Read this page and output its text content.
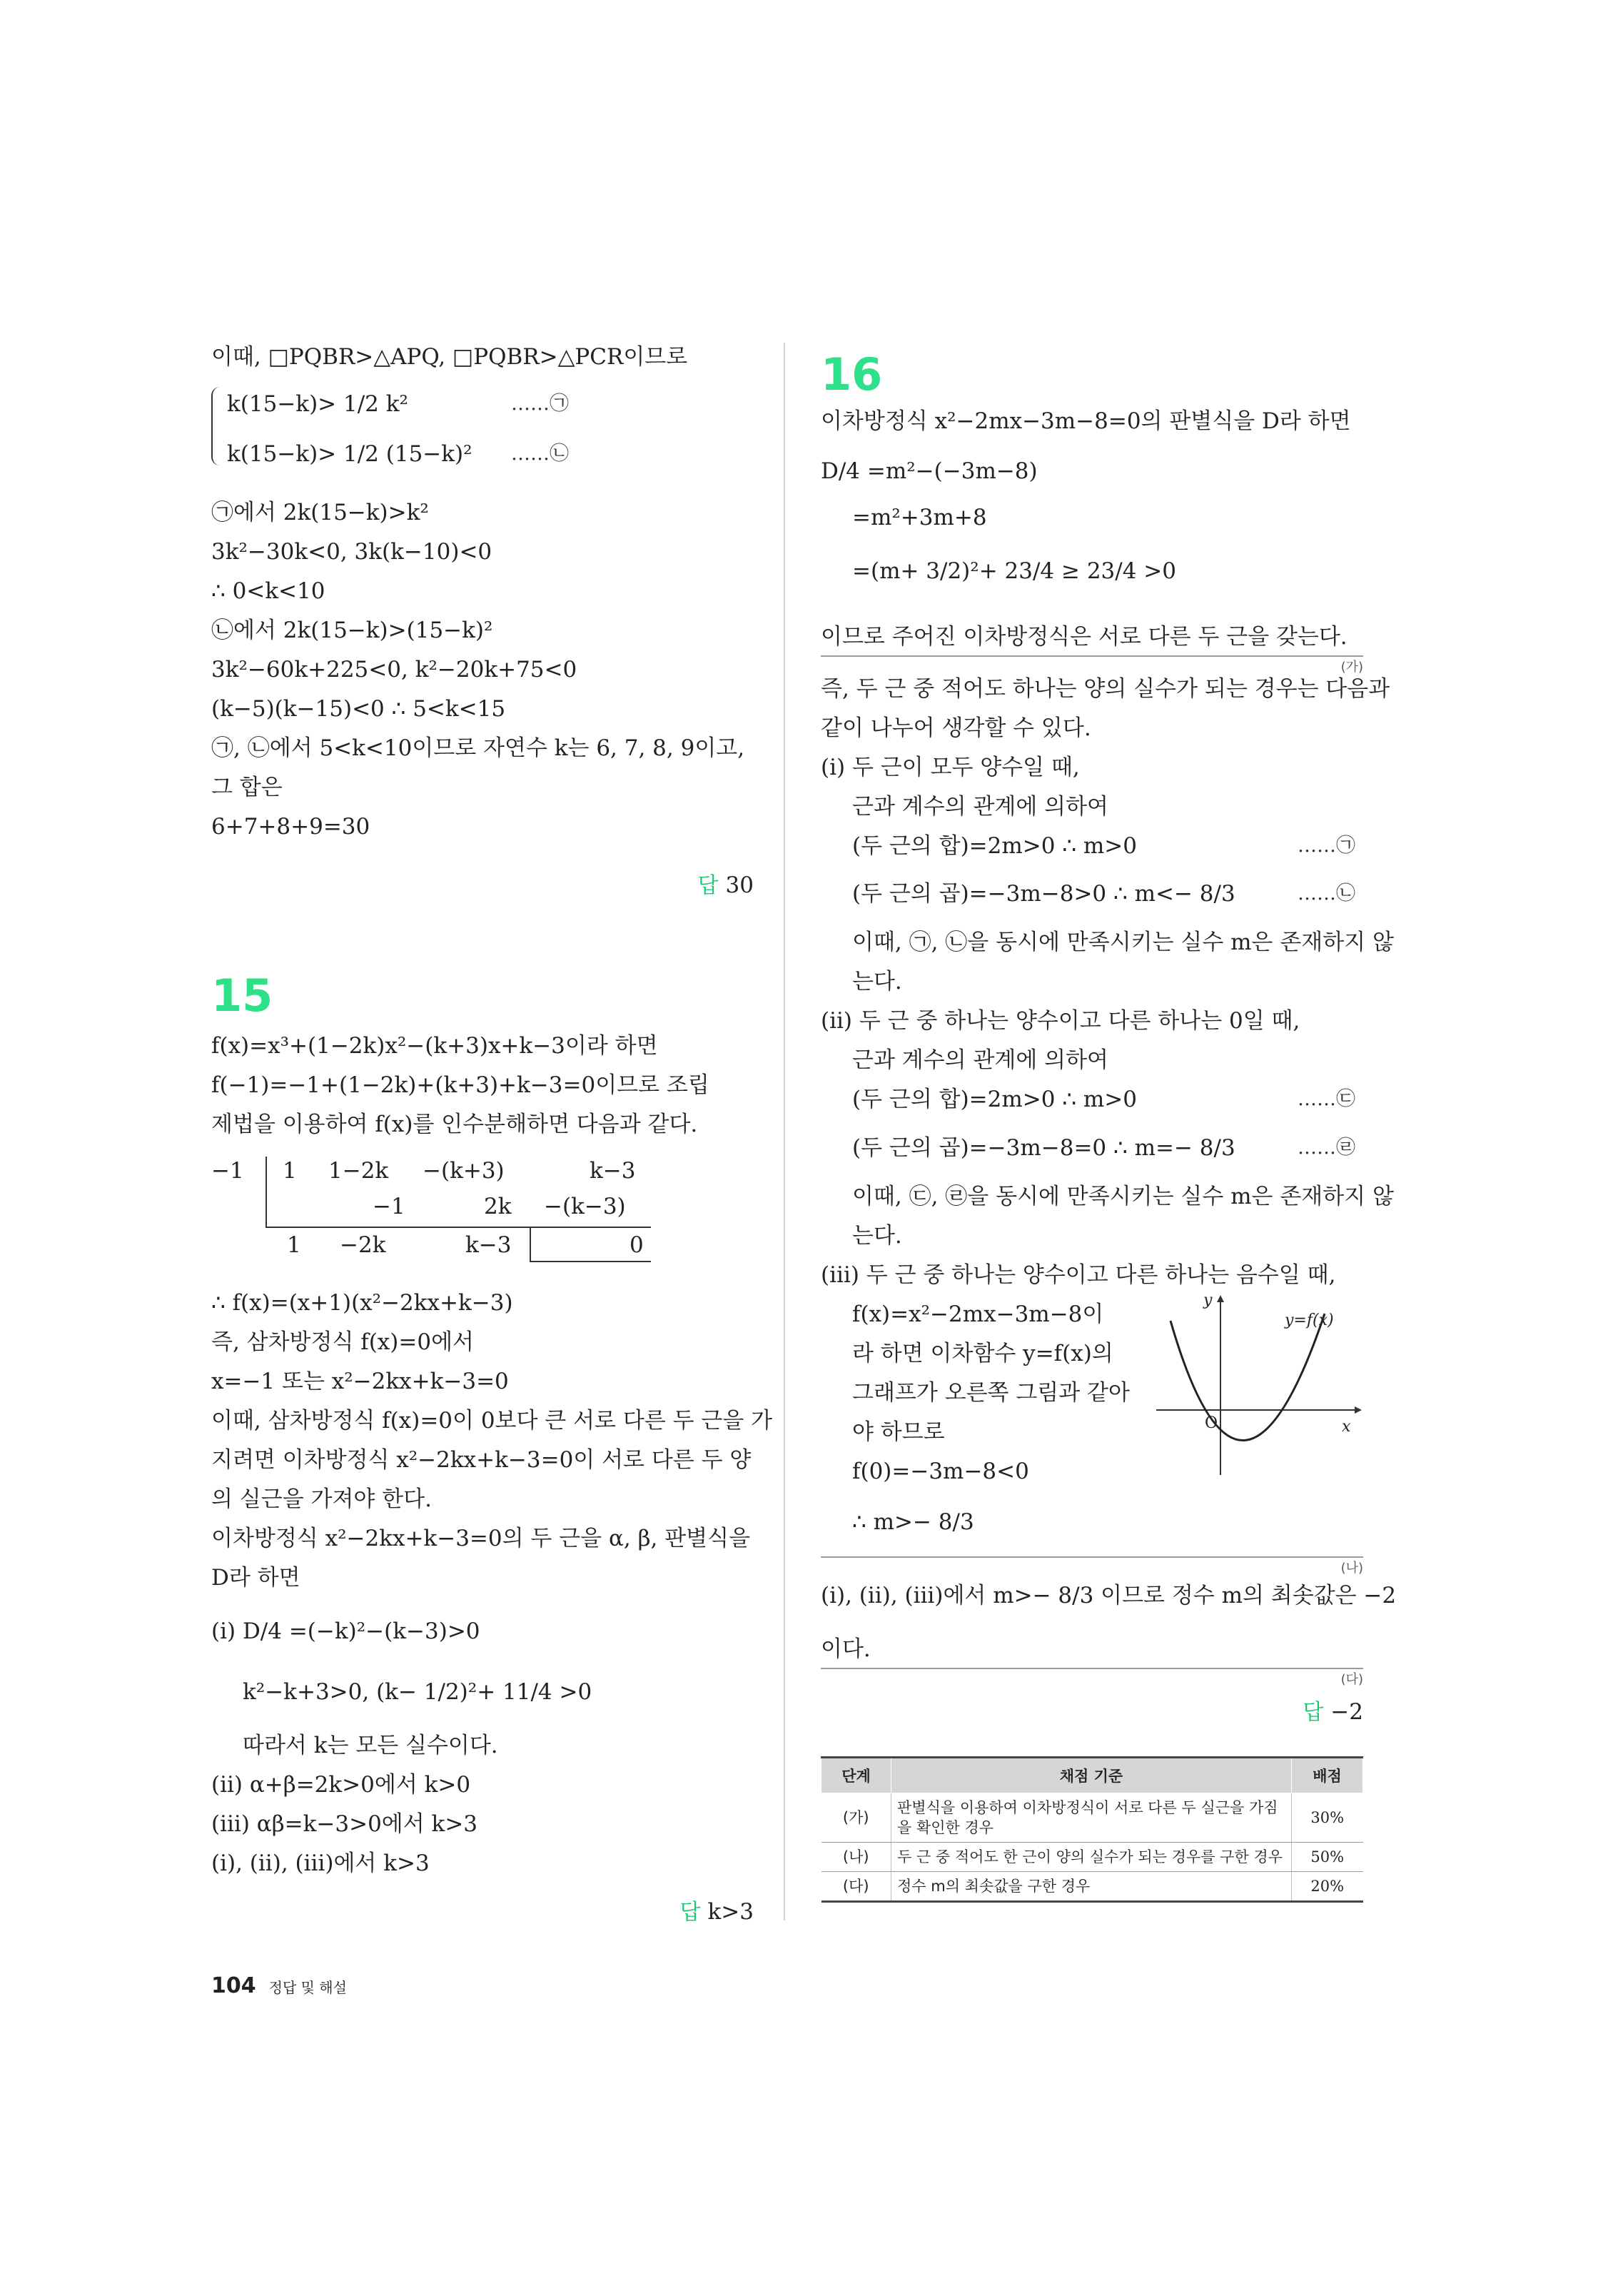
이때, □PQBR>△APQ, □PQBR>△PCR이므로
k(15−k)> 1/2 k²	……㉠
k(15−k)> 1/2 (15−k)² ……㉡
㉠에서 2k(15−k)>k²
3k²−30k<0, 3k(k−10)<0
∴ 0<k<10
㉡에서 2k(15−k)>(15−k)²
3k²−60k+225<0, k²−20k+75<0
(k−5)(k−15)<0 ∴ 5<k<15
㉠, ㉡에서 5<k<10이므로 자연수 k는 6, 7, 8, 9이고,
그 합은
6+7+8+9=30
답 30
15
f(x)=x³+(1−2k)x²−(k+3)x+k−3이라 하면
f(−1)=−1+(1−2k)+(k+3)+k−3=0이므로 조립
제법을 이용하여 f(x)를 인수분해하면 다음과 같다.
−1 1 1−2k −(k+3)	k−3
−1	2k −(k−3)
1 −2k	k−3	0
∴ f(x)=(x+1)(x²−2kx+k−3)
즉, 삼차방정식 f(x)=0에서
x=−1 또는 x²−2kx+k−3=0
이때, 삼차방정식 f(x)=0이 0보다 큰 서로 다른 두 근을 가
지려면 이차방정식 x²−2kx+k−3=0이 서로 다른 두 양
의 실근을 가져야 한다.
이차방정식 x²−2kx+k−3=0의 두 근을 α, β, 판별식을
D라 하면
(ⅰ) D/4 =(−k)²−(k−3)>0
k²−k+3>0, (k− 1/2)²+ 11/4 >0
따라서 k는 모든 실수이다.
(ⅱ) α+β=2k>0에서 k>0
(ⅲ) αβ=k−3>0에서 k>3
(ⅰ), (ⅱ), (ⅲ)에서 k>3
답 k>3
16
이차방정식 x²−2mx−3m−8=0의 판별식을 D라 하면
D/4 =m²−(−3m−8)
=m²+3m+8
=(m+ 3/2)²+ 23/4 ≥ 23/4 >0
이므로 주어진 이차방정식은 서로 다른 두 근을 갖는다.
(가)
즉, 두 근 중 적어도 하나는 양의 실수가 되는 경우는 다음과
같이 나누어 생각할 수 있다.
(ⅰ) 두 근이 모두 양수일 때,
근과 계수의 관계에 의하여
(두 근의 합)=2m>0 ∴ m>0	……㉠
(두 근의 곱)=−3m−8>0 ∴ m<− 8/3	……㉡
이때, ㉠, ㉡을 동시에 만족시키는 실수 m은 존재하지 않
는다.
(ⅱ) 두 근 중 하나는 양수이고 다른 하나는 0일 때,
근과 계수의 관계에 의하여
(두 근의 합)=2m>0 ∴ m>0	……㉢
(두 근의 곱)=−3m−8=0 ∴ m=− 8/3	……㉣
이때, ㉢, ㉣을 동시에 만족시키는 실수 m은 존재하지 않
는다.
(ⅲ) 두 근 중 하나는 양수이고 다른 하나는 음수일 때,
f(x)=x²−2mx−3m−8이
라 하면 이차함수 y=f(x)의
그래프가 오른쪽 그림과 같아
야 하므로
f(0)=−3m−8<0
∴ m>− 8/3
y
x
O
y=f(x)
(나)
(ⅰ), (ⅱ), (ⅲ)에서 m>− 8/3 이므로 정수 m의 최솟값은 −2
이다.
(다)
답 −2
단계	채점 기준	배점
(가)	판별식을 이용하여 이차방정식이 서로 다른 두 실근을 가짐을 확인한 경우	30%
(나)	두 근 중 적어도 한 근이 양의 실수가 되는 경우를 구한 경우	50%
(다)	정수 m의 최솟값을 구한 경우	20%
104 정답 및 해설
